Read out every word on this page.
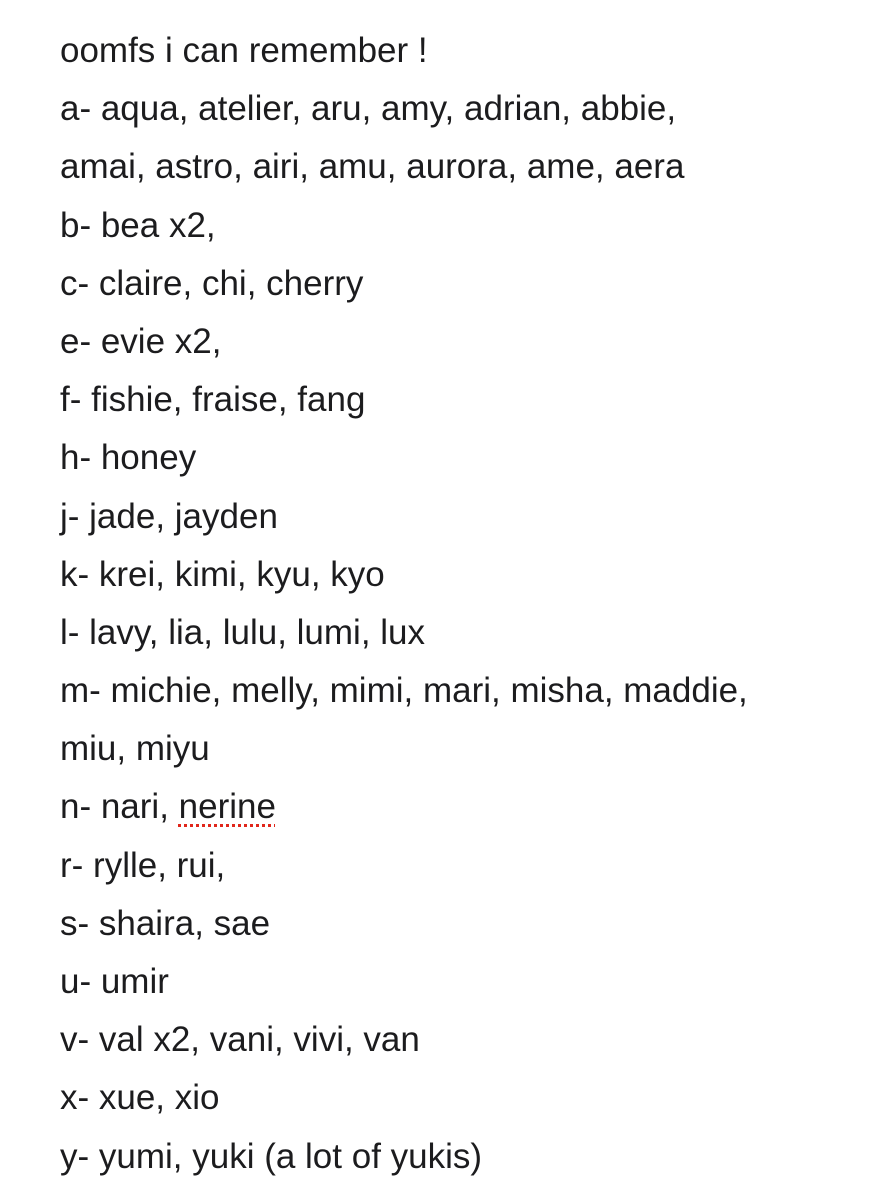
oomfs i can remember !
a- aqua, atelier, aru, amy, adrian, abbie,
amai, astro, airi, amu, aurora, ame, aera
b- bea x2,
c- claire, chi, cherry
e- evie x2,
f- fishie, fraise, fang
h- honey
j- jade, jayden
k- krei, kimi, kyu, kyo
l- lavy, lia, lulu, lumi, lux
m- michie, melly, mimi, mari, misha, maddie,
miu, miyu
n- nari, nerine
r- rylle, rui,
s- shaira, sae
u- umir
v- val x2, vani, vivi, van
x- xue, xio
y- yumi, yuki (a lot of yukis)
